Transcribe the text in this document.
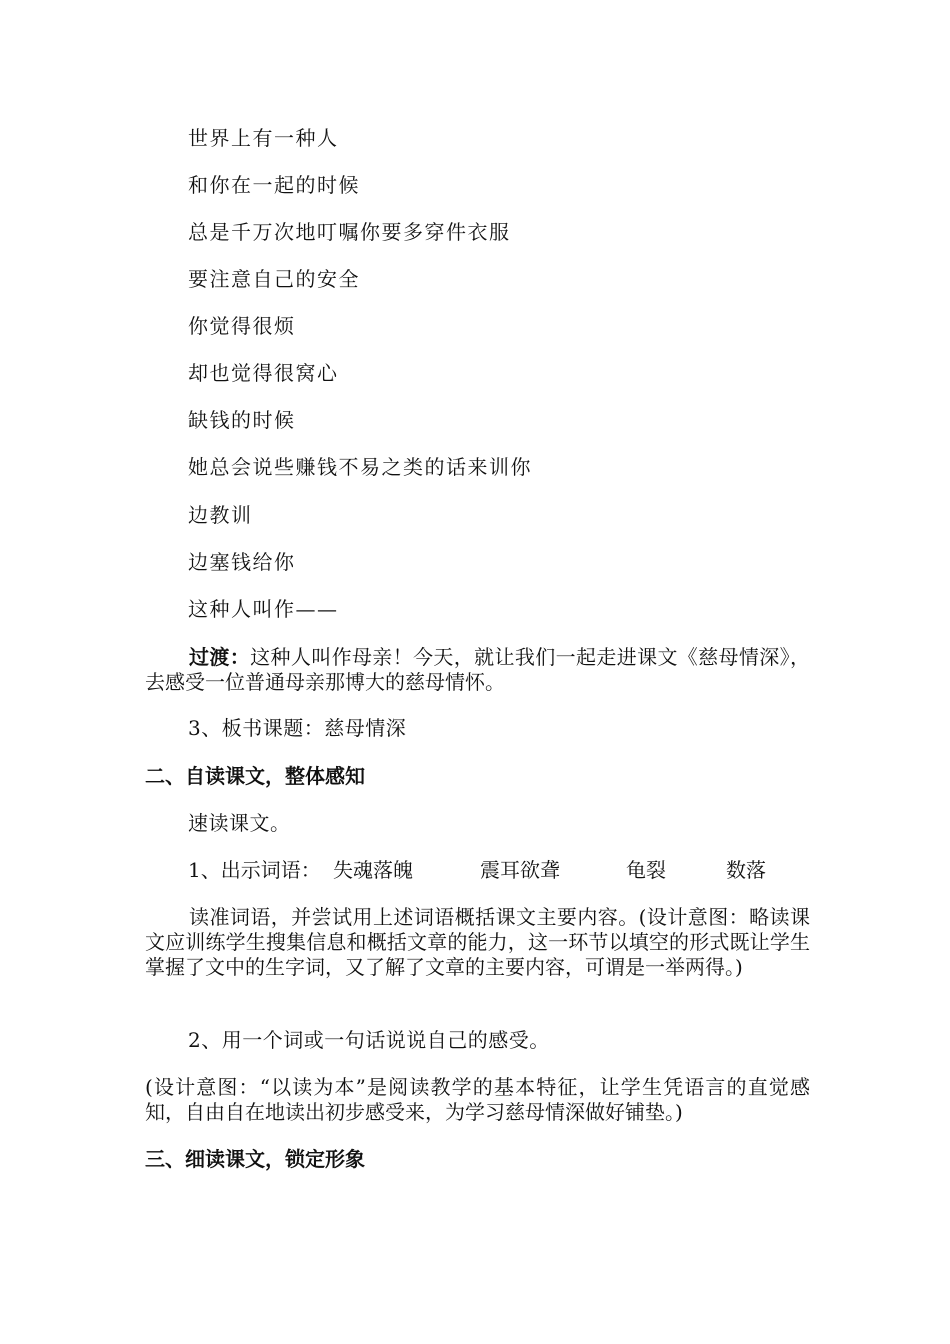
世界上有一种人
和你在一起的时候
总是千万次地叮嘱你要多穿件衣服
要注意自己的安全
你觉得很烦
却也觉得很窝心
缺钱的时候
她总会说些赚钱不易之类的话来训你
边教训
边塞钱给你
这种人叫作——
过渡：这种人叫作母亲！今天，就让我们一起走进课文《慈母情深》，去感受一位普通母亲那博大的慈母情怀。
3、板书课题：慈母情深
二、自读课文，整体感知
速读课文。
1、出示词语： 失魂落魄	震耳欲聋	龟裂	数落
读准词语，并尝试用上述词语概括课文主要内容。(设计意图：略读课文应训练学生搜集信息和概括文章的能力，这一环节以填空的形式既让学生掌握了文中的生字词，又了解了文章的主要内容，可谓是一举两得。)
2、用一个词或一句话说说自己的感受。
(设计意图：“以读为本”是阅读教学的基本特征，让学生凭语言的直觉感知，自由自在地读出初步感受来，为学习慈母情深做好铺垫。)
三、细读课文，锁定形象
